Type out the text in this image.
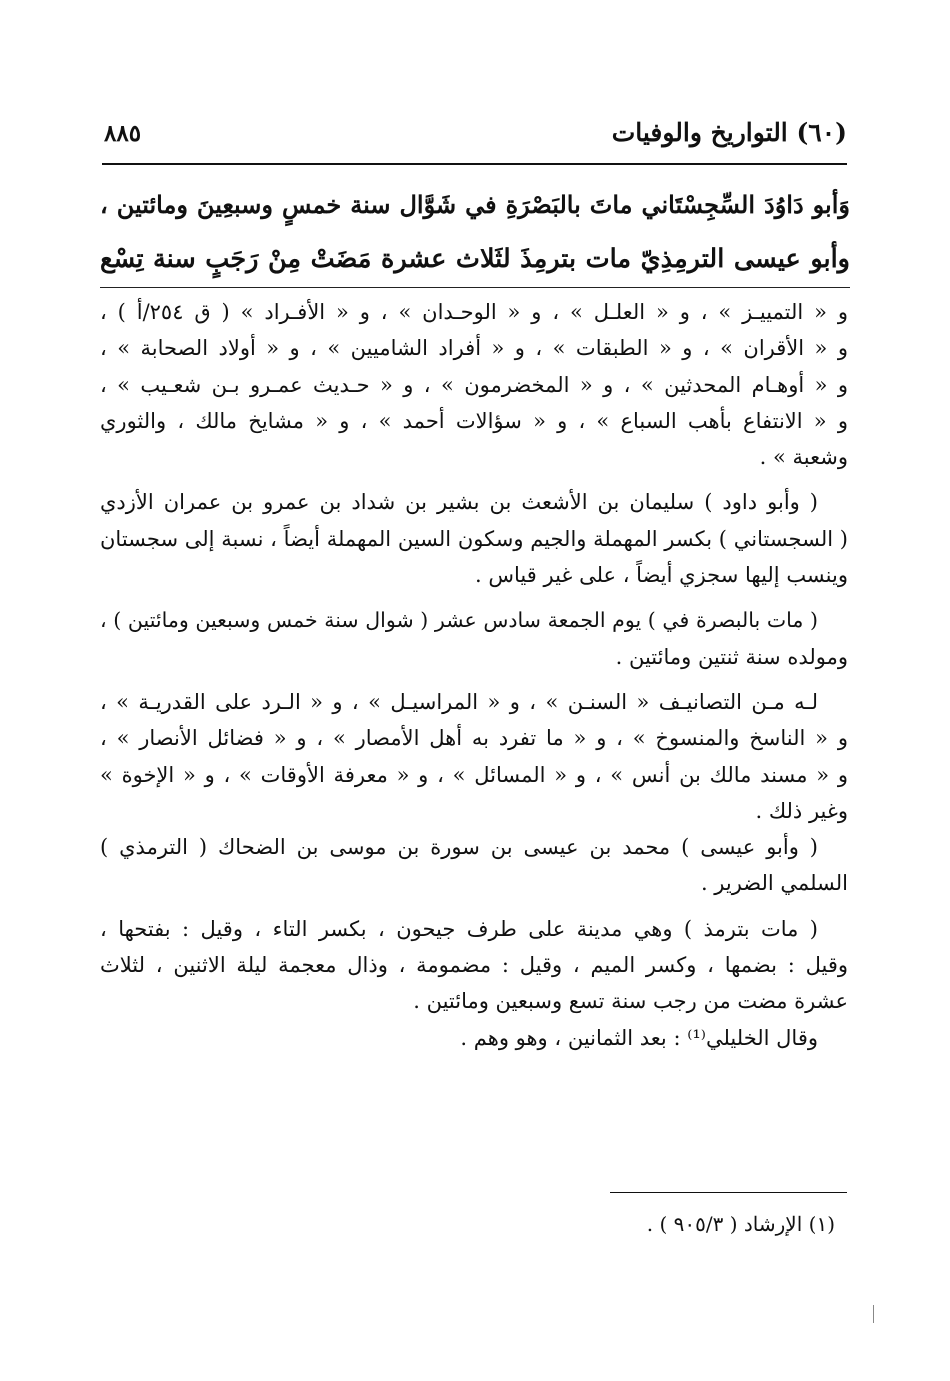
(٦٠) التواريخ والوفيات
٨٨٥
وَأبو دَاوُدَ السِّجِسْتَاني ماتَ بالبَصْرَةِ في شَوَّال سنة خمسٍ وسبعِينَ ومائتين ،
وأبو عيسى الترمِذِيّ مات بترمِذَ لثَلاث عشرة مَضَتْ مِنْ رَجَبٍ سنة تِسْع
و « التمييـز » ، و « العلـل » ، و « الوحـدان » ، و « الأفـراد » ( ق ٢٥٤/أ ) ،
و « الأقران » ، و « الطبقات » ، و « أفراد الشاميين » ، و « أولاد الصحابة » ،
و « أوهـام المحدثين » ، و « المخضرمون » ، و « حـديث عمـرو بـن شعـيب » ،
و « الانتفاع بأهب السباع » ، و « سؤالات أحمد » ، و « مشايخ مالك ، والثوري
وشعبة » .
( وأبو داود ) سليمان بن الأشعث بن بشير بن شداد بن عمرو بن عمران الأزدي
( السجستاني ) بكسر المهملة والجيم وسكون السين المهملة أيضاً ، نسبة إلى سجستان
وينسب إليها سجزي أيضاً ، على غير قياس .
( مات بالبصرة في ) يوم الجمعة سادس عشر ( شوال سنة خمس وسبعين ومائتين ) ،
ومولده سنة ثنتين ومائتين .
لـه مـن التصانيـف « السنـن » ، و « المراسيـل » ، و « الـرد على القدريـة » ،
و « الناسخ والمنسوخ » ، و « ما تفرد به أهل الأمصار » ، و « فضائل الأنصار » ،
و « مسند مالك بن أنس » ، و « المسائل » ، و « معرفة الأوقات » ، و « الإخوة »
وغير ذلك .
( وأبو عيسى ) محمد بن عيسى بن سورة بن موسى بن الضحاك ( الترمذي )
السلمي الضرير .
( مات بترمذ ) وهي مدينة على طرف جيحون ، بكسر التاء ، وقيل : بفتحها ،
وقيل : بضمها ، وكسر الميم ، وقيل : مضمومة ، وذال معجمة ليلة الاثنين ، لثلاث
عشرة مضت من رجب سنة تسع وسبعين ومائتين .
وقال الخليلي⁽¹⁾ : بعد الثمانين ، وهو وهم .
(١) الإرشاد ( ٩٠٥/٣ ) .
